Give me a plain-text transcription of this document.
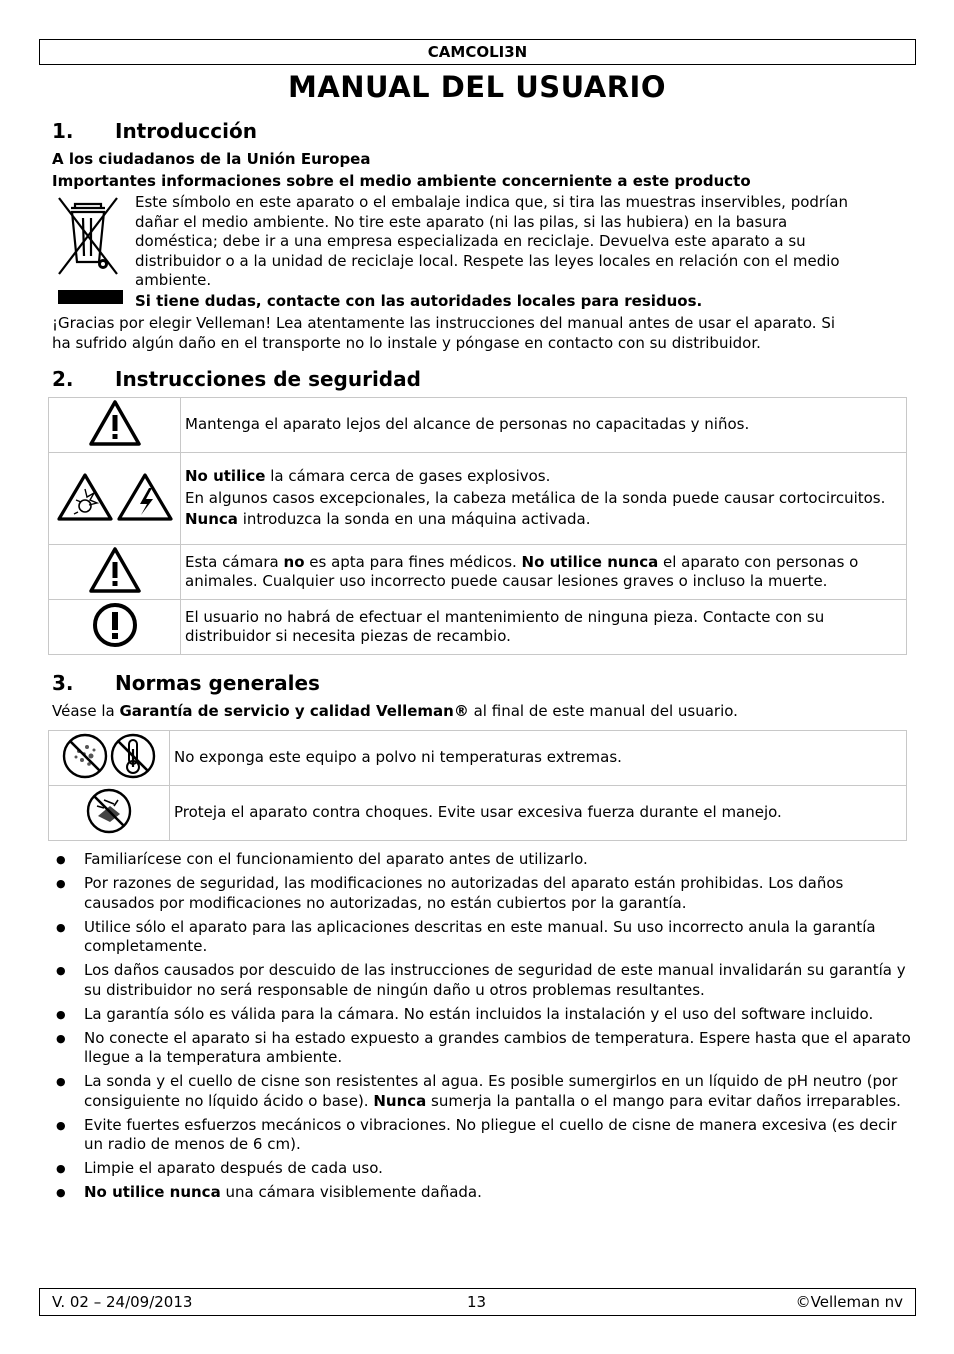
CAMCOLI3N
MANUAL DEL USUARIO
1. Introducción
A los ciudadanos de la Unión Europea
Importantes informaciones sobre el medio ambiente concerniente a este producto
Este símbolo en este aparato o el embalaje indica que, si tira las muestras inservibles, podrían
dañar el medio ambiente. No tire este aparato (ni las pilas, si las hubiera) en la basura
doméstica; debe ir a una empresa especializada en reciclaje. Devuelva este aparato a su
distribuidor o a la unidad de reciclaje local. Respete las leyes locales en relación con el medio
ambiente.
Si tiene dudas, contacte con las autoridades locales para residuos.
¡Gracias por elegir Velleman! Lea atentamente las instrucciones del manual antes de usar el aparato. Si
ha sufrido algún daño en el transporte no lo instale y póngase en contacto con su distribuidor.
2. Instrucciones de seguridad
	Mantenga el aparato lejos del alcance de personas no capacitadas y niños.

No utilice la cámara cerca de gases explosivos.
En algunos casos excepcionales, la cabeza metálica de la sonda puede causar cortocircuitos.
Nunca introduzca la sonda en una máquina activada.

	Esta cámara no es apta para fines médicos. No utilice nunca el aparato con personas o animales. Cualquier uso incorrecto puede causar lesiones graves o incluso la muerte.
	El usuario no habrá de efectuar el mantenimiento de ninguna pieza. Contacte con su distribuidor si necesita piezas de recambio.
3. Normas generales
Véase la Garantía de servicio y calidad Velleman® al final de este manual del usuario.
	No exponga este equipo a polvo ni temperaturas extremas.
	Proteja el aparato contra choques. Evite usar excesiva fuerza durante el manejo.
● Familiarícese con el funcionamiento del aparato antes de utilizarlo.
● Por razones de seguridad, las modificaciones no autorizadas del aparato están prohibidas. Los daños causados por modificaciones no autorizadas, no están cubiertos por la garantía.
● Utilice sólo el aparato para las aplicaciones descritas en este manual. Su uso incorrecto anula la garantía completamente.
● Los daños causados por descuido de las instrucciones de seguridad de este manual invalidarán su garantía y su distribuidor no será responsable de ningún daño u otros problemas resultantes.
● La garantía sólo es válida para la cámara. No están incluidos la instalación y el uso del software incluido.
● No conecte el aparato si ha estado expuesto a grandes cambios de temperatura. Espere hasta que el aparato llegue a la temperatura ambiente.
● La sonda y el cuello de cisne son resistentes al agua. Es posible sumergirlos en un líquido de pH neutro (por consiguiente no líquido ácido o base). Nunca sumerja la pantalla o el mango para evitar daños irreparables.
● Evite fuertes esfuerzos mecánicos o vibraciones. No pliegue el cuello de cisne de manera excesiva (es decir un radio de menos de 6 cm).
● Limpie el aparato después de cada uso.
● No utilice nunca una cámara visiblemente dañada.
V. 02 – 24/09/2013	13	©Velleman nv
